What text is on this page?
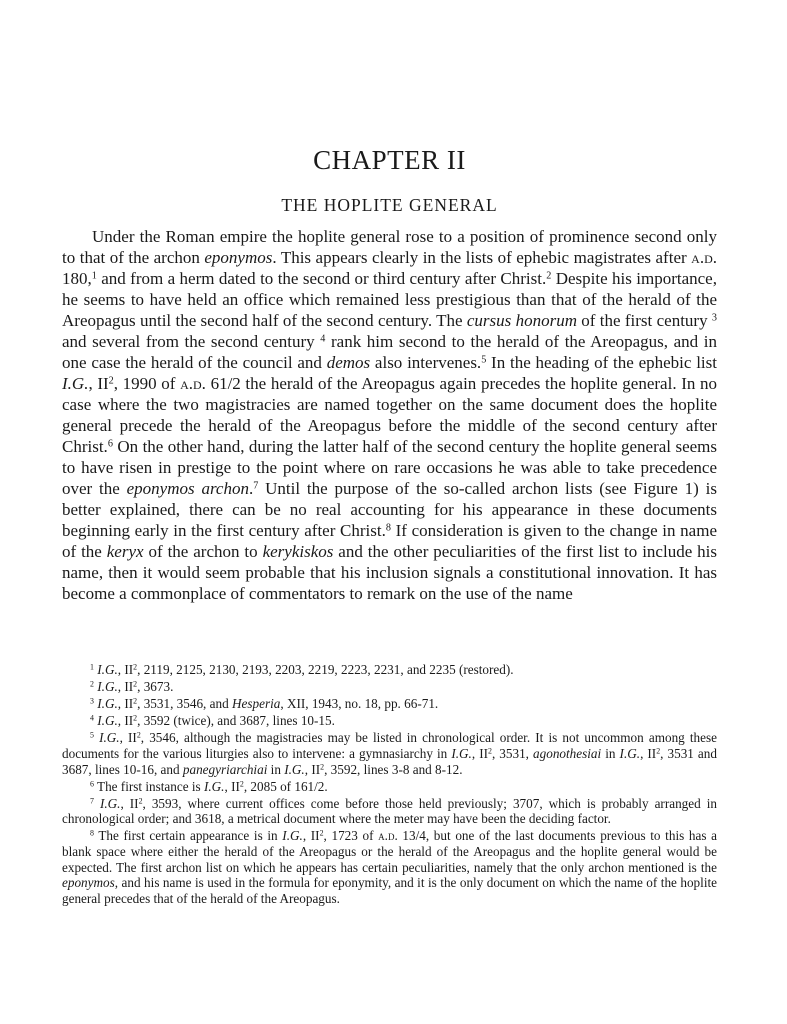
CHAPTER II
THE HOPLITE GENERAL

Under the Roman empire the hoplite general rose to a position of prominence second only to that of the archon eponymos. This appears clearly in the lists of ephebic magistrates after a.d. 180,$^1$ and from a herm dated to the second or third century after Christ.$^2$ Despite his importance, he seems to have held an office which remained less prestigious than that of the herald of the Areopagus until the second half of the second century. The cursus honorum of the first century $^3$ and several from the second century $^4$ rank him second to the herald of the Areopagus, and in one case the herald of the council and demos also intervenes.$^5$ In the heading of the ephebic list I.G., $II^2$, 1990 of a.d. 61/2 the herald of the Areopagus again precedes the hoplite general. In no case where the two magistracies are named together on the same document does the hoplite general precede the herald of the Areopagus before the middle of the second century after Christ.$^6$ On the other hand, during the latter half of the second century the hoplite general seems to have risen in prestige to the point where on rare occasions he was able to take precedence over the eponymos archon.$^7$ Until the purpose of the so-called archon lists (see Figure 1) is better explained, there can be no real accounting for his appearance in these documents beginning early in the first century after Christ.$^8$ If consideration is given to the change in name of the keryx of the archon to kerykiskos and the other peculiarities of the first list to include his name, then it would seem probable that his inclusion signals a constitutional innovation. It has become a commonplace of commentators to remark on the use of the name

$^1$ I.G., $II^2$, 2119, 2125, 2130, 2193, 2203, 2219, 2223, 2231, and 2235 (restored).

$^2$ I.G., $II^2$, 3673.

$^3$ I.G., $II^2$, 3531, 3546, and Hesperia, XII, 1943, no. 18, pp. 66-71.

$^4$ I.G., $II^2$, 3592 (twice), and 3687, lines 10-15.

$^5$ I.G., $II^2$, 3546, although the magistracies may be listed in chronological order. It is not uncommon among these documents for the various liturgies also to intervene: a gymnasiarchy in I.G., $II^2$, 3531, agonothesiai in I.G., $II^2$, 3531 and 3687, lines 10-16, and panegyriarchiai in I.G., $II^2$, 3592, lines 3-8 and 8-12.

$^6$ The first instance is I.G., $II^2$, 2085 of 161/2.

$^7$ I.G., $II^2$, 3593, where current offices come before those held previously; 3707, which is probably arranged in chronological order; and 3618, a metrical document where the meter may have been the deciding factor.

$^8$ The first certain appearance is in I.G., $II^2$, 1723 of a.d. 13/4, but one of the last documents previous to this has a blank space where either the herald of the Areopagus or the herald of the Areopagus and the hoplite general would be expected. The first archon list on which he appears has certain peculiarities, namely that the only archon mentioned is the eponymos, and his name is used in the formula for eponymity, and it is the only document on which the name of the hoplite general precedes that of the herald of the Areopagus.
